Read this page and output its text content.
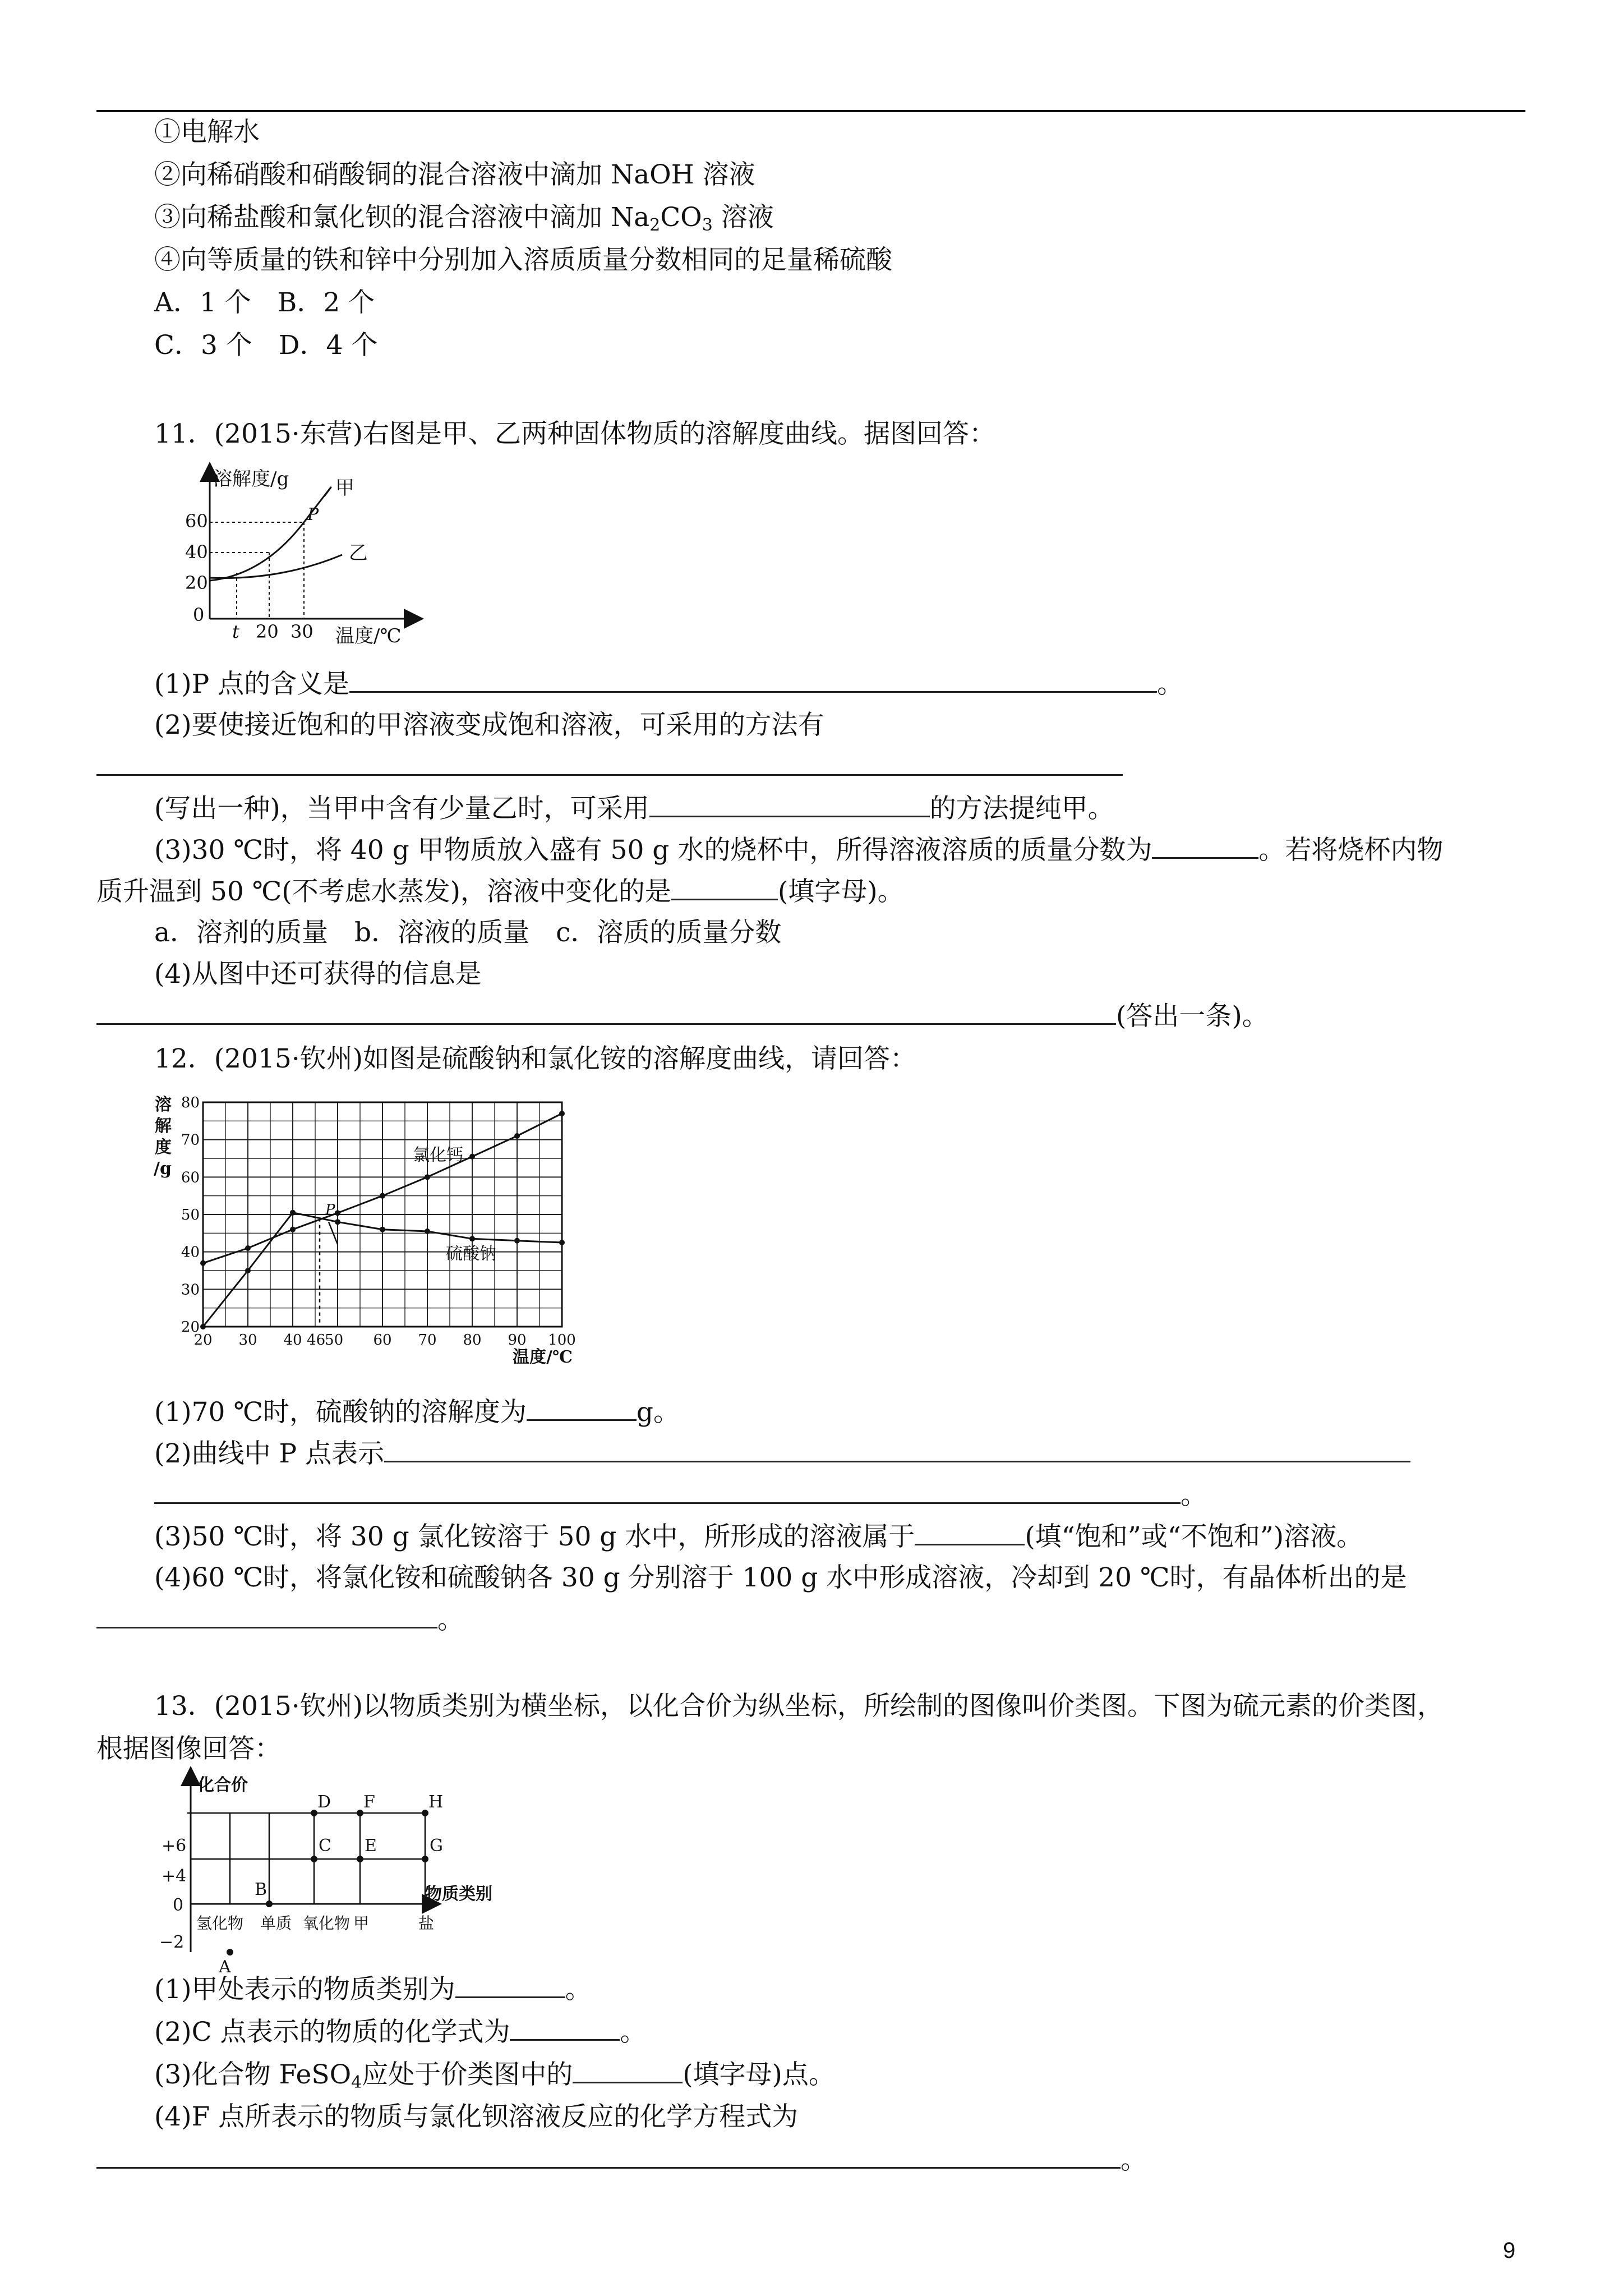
①电解水
②向稀硝酸和硝酸铜的混合溶液中滴加 NaOH 溶液
③向稀盐酸和氯化钡的混合溶液中滴加 $Na_2CO_3$ 溶液
④向等质量的铁和锌中分别加入溶质质量分数相同的足量稀硫酸
A．1 个　B．2 个
C．3 个　D．4 个
11．(2015·东营)右图是甲、乙两种固体物质的溶解度曲线。据图回答：
溶解度/g
温度/℃
60
40
20
0
t 20 30
甲
乙
P
(1)P 点的含义是	。
(2)要使接近饱和的甲溶液变成饱和溶液，可采用的方法有
(写出一种)，当甲中含有少量乙时，可采用	的方法提纯甲。
(3)30 ℃时，将 40 g 甲物质放入盛有 50 g 水的烧杯中，所得溶液溶质的质量分数为	。若将烧杯内物
质升温到 50 ℃(不考虑水蒸发)，溶液中变化的是	(填字母)。
a．溶剂的质量　b．溶液的质量　c．溶质的质量分数
(4)从图中还可获得的信息是
(答出一条)。
12．(2015·钦州)如图是硫酸钠和氯化铵的溶解度曲线，请回答：
20 30 40 46
50 60 70 80 90 100
80
70
60
50
40
30
20
溶
解
度
/g
温度/℃
氯化钙
硫酸钠
P
(1)70 ℃时，硫酸钠的溶解度为	g。
(2)曲线中 P 点表示
。
(3)50 ℃时，将 30 g 氯化铵溶于 50 g 水中，所形成的溶液属于	(填“饱和”或“不饱和”)溶液。
(4)60 ℃时，将氯化铵和硫酸钠各 30 g 分别溶于 100 g 水中形成溶液，冷却到 20 ℃时，有晶体析出的是
。
13．(2015·钦州)以物质类别为横坐标，以化合价为纵坐标，所绘制的图像叫价类图。下图为硫元素的价类图，
根据图像回答：
化合价
物质类别
+6
+4
0
−2
氢化物 单质 氧化物 甲	盐
A
B
C
D
E
F
G
H
(1)甲处表示的物质类别为	。
(2)C 点表示的物质的化学式为	。
(3)化合物 FeSO$_4$应处于价类图中的	(填字母)点。
(4)F 点所表示的物质与氯化钡溶液反应的化学方程式为
。
9
